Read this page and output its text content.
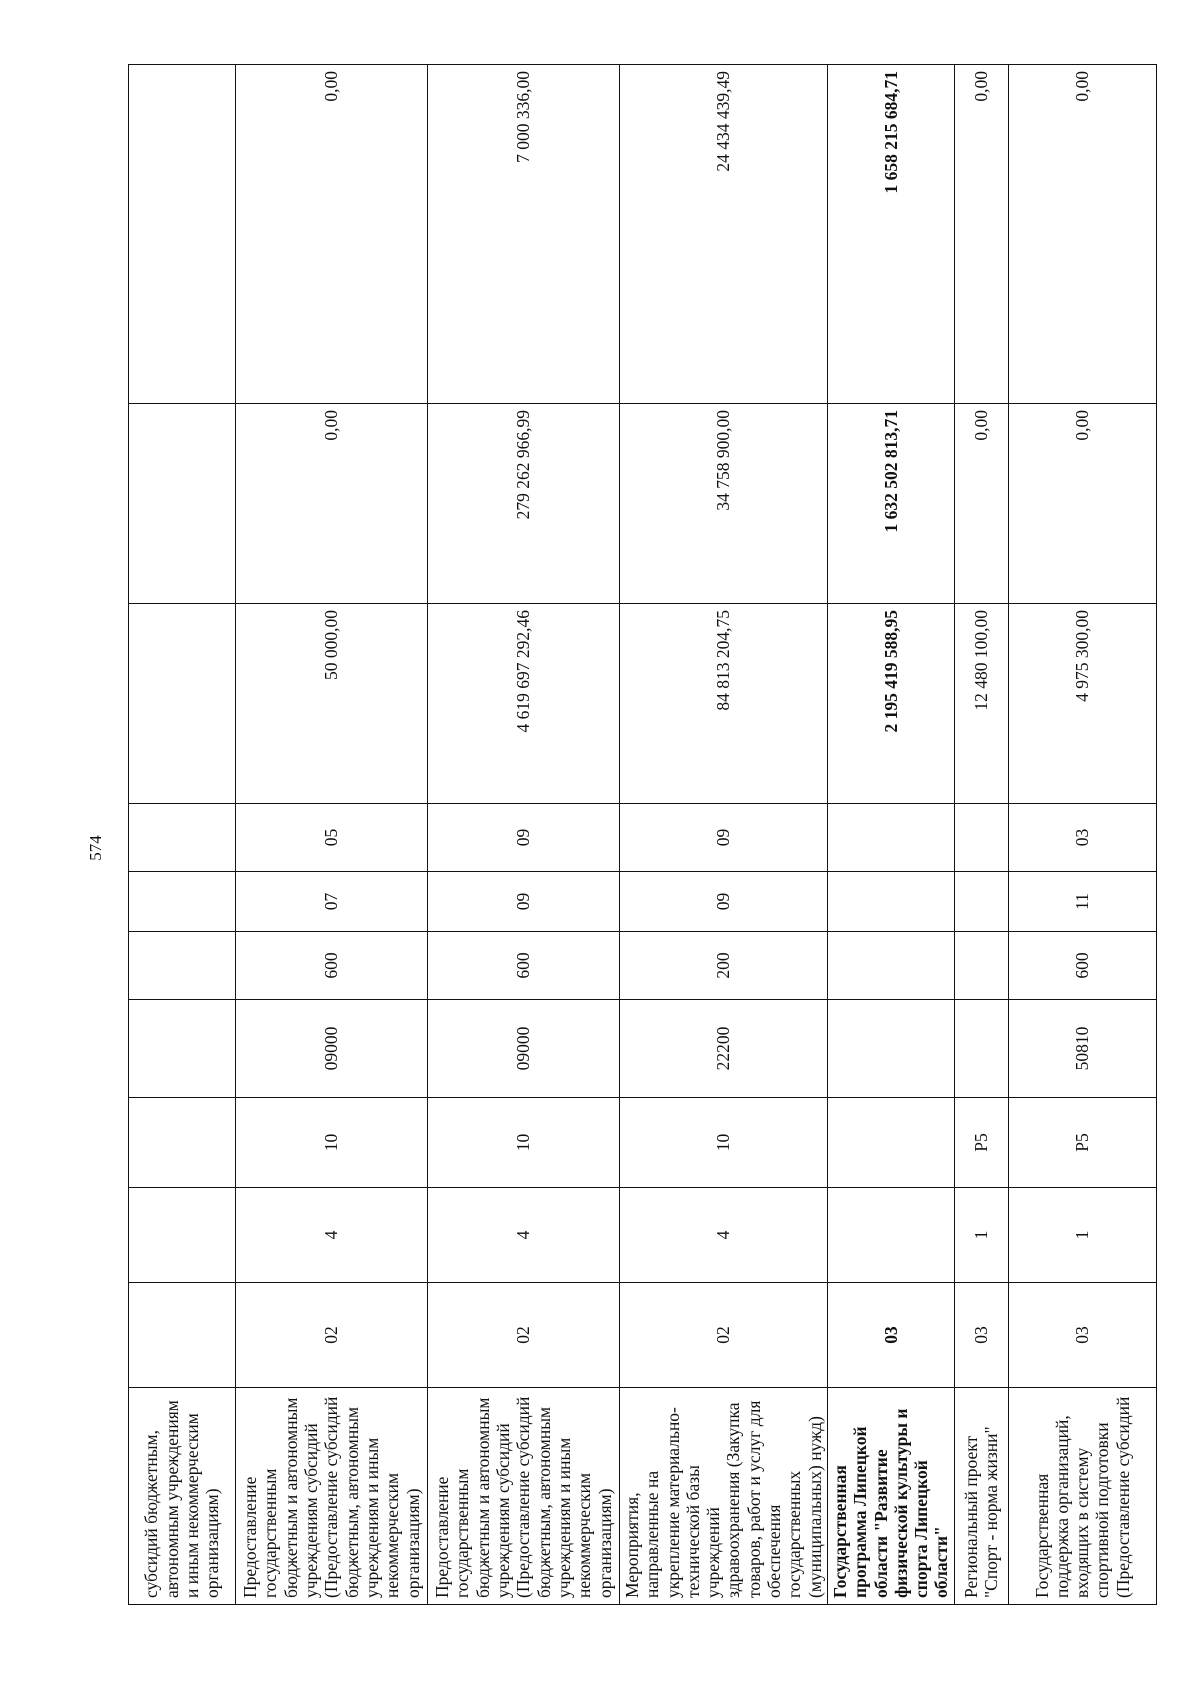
574
субсидий бюджетным, автономным учреждениям и иным некоммерческим организациям)										
Предоставление государственным бюджетным и автономным учреждениям субсидий (Предоставление субсидий бюджетным, автономным учреждениям и иным некоммерческим организациям)	02	4	10	09000	600	07	05	50 000,00	0,00	0,00
Предоставление государственным бюджетным и автономным учреждениям субсидий (Предоставление субсидий бюджетным, автономным учреждениям и иным некоммерческим организациям)	02	4	10	09000	600	09	09	4 619 697 292,46	279 262 966,99	7 000 336,00
Мероприятия, направленные на укрепление материально-технической базы учреждений здравоохранения (Закупка товаров, работ и услуг для обеспечения государственных (муниципальных) нужд)	02	4	10	22200	200	09	09	84 813 204,75	34 758 900,00	24 434 439,49
Государственная программа Липецкой области "Развитие физической культуры и спорта Липецкой области"	03							2 195 419 588,95	1 632 502 813,71	1 658 215 684,71
Региональный проект "Спорт - норма жизни"	03	1	Р5					12 480 100,00	0,00	0,00
Государственная поддержка организаций, входящих в систему спортивной подготовки (Предоставление субсидий	03	1	Р5	50810	600	11	03	4 975 300,00	0,00	0,00
